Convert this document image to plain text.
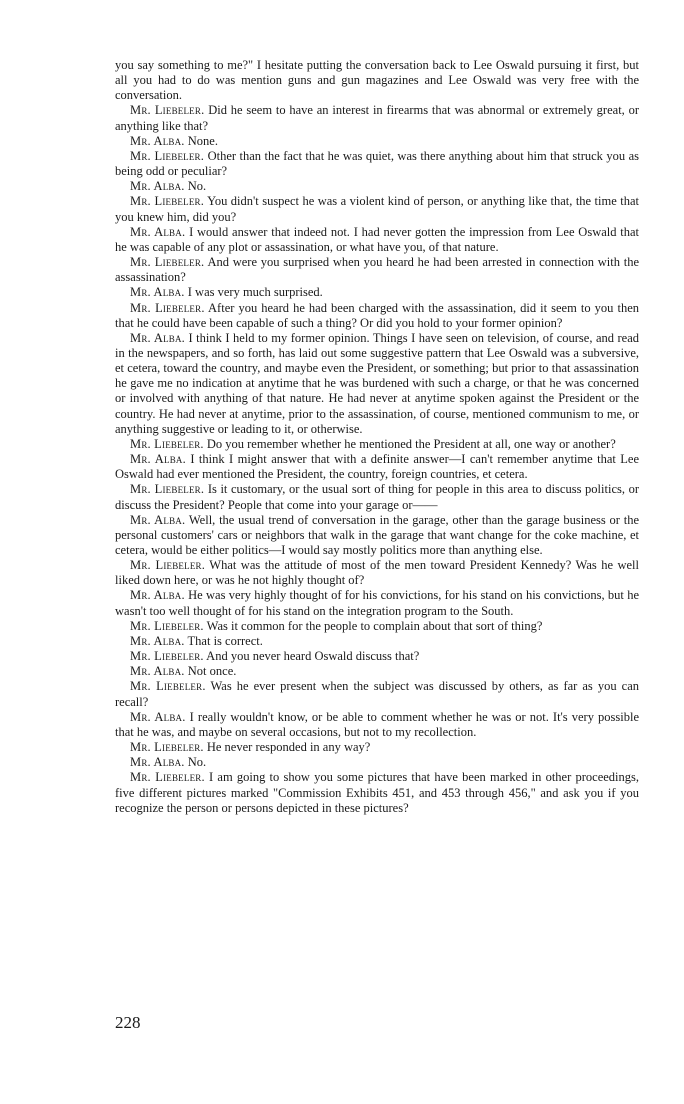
you say something to me?" I hesitate putting the conversation back to Lee Oswald pursuing it first, but all you had to do was mention guns and gun magazines and Lee Oswald was very free with the conversation.

Mr. Liebeler. Did he seem to have an interest in firearms that was abnormal or extremely great, or anything like that?

Mr. Alba. None.

Mr. Liebeler. Other than the fact that he was quiet, was there anything about him that struck you as being odd or peculiar?

Mr. Alba. No.

Mr. Liebeler. You didn't suspect he was a violent kind of person, or anything like that, the time that you knew him, did you?

Mr. Alba. I would answer that indeed not. I had never gotten the impression from Lee Oswald that he was capable of any plot or assassination, or what have you, of that nature.

Mr. Liebeler. And were you surprised when you heard he had been arrested in connection with the assassination?

Mr. Alba. I was very much surprised.

Mr. Liebeler. After you heard he had been charged with the assassination, did it seem to you then that he could have been capable of such a thing? Or did you hold to your former opinion?

Mr. Alba. I think I held to my former opinion. Things I have seen on television, of course, and read in the newspapers, and so forth, has laid out some suggestive pattern that Lee Oswald was a subversive, et cetera, toward the country, and maybe even the President, or something; but prior to that assassination he gave me no indication at anytime that he was burdened with such a charge, or that he was concerned or involved with anything of that nature. He had never at anytime spoken against the President or the country. He had never at anytime, prior to the assassination, of course, mentioned communism to me, or anything suggestive or leading to it, or otherwise.

Mr. Liebeler. Do you remember whether he mentioned the President at all, one way or another?

Mr. Alba. I think I might answer that with a definite answer—I can't remember anytime that Lee Oswald had ever mentioned the President, the country, foreign countries, et cetera.

Mr. Liebeler. Is it customary, or the usual sort of thing for people in this area to discuss politics, or discuss the President? People that come into your garage or——

Mr. Alba. Well, the usual trend of conversation in the garage, other than the garage business or the personal customers' cars or neighbors that walk in the garage that want change for the coke machine, et cetera, would be either politics—I would say mostly politics more than anything else.

Mr. Liebeler. What was the attitude of most of the men toward President Kennedy? Was he well liked down here, or was he not highly thought of?

Mr. Alba. He was very highly thought of for his convictions, for his stand on his convictions, but he wasn't too well thought of for his stand on the integration program to the South.

Mr. Liebeler. Was it common for the people to complain about that sort of thing?

Mr. Alba. That is correct.

Mr. Liebeler. And you never heard Oswald discuss that?

Mr. Alba. Not once.

Mr. Liebeler. Was he ever present when the subject was discussed by others, as far as you can recall?

Mr. Alba. I really wouldn't know, or be able to comment whether he was or not. It's very possible that he was, and maybe on several occasions, but not to my recollection.

Mr. Liebeler. He never responded in any way?

Mr. Alba. No.

Mr. Liebeler. I am going to show you some pictures that have been marked in other proceedings, five different pictures marked "Commission Exhibits 451, and 453 through 456," and ask you if you recognize the person or persons depicted in these pictures?

228
